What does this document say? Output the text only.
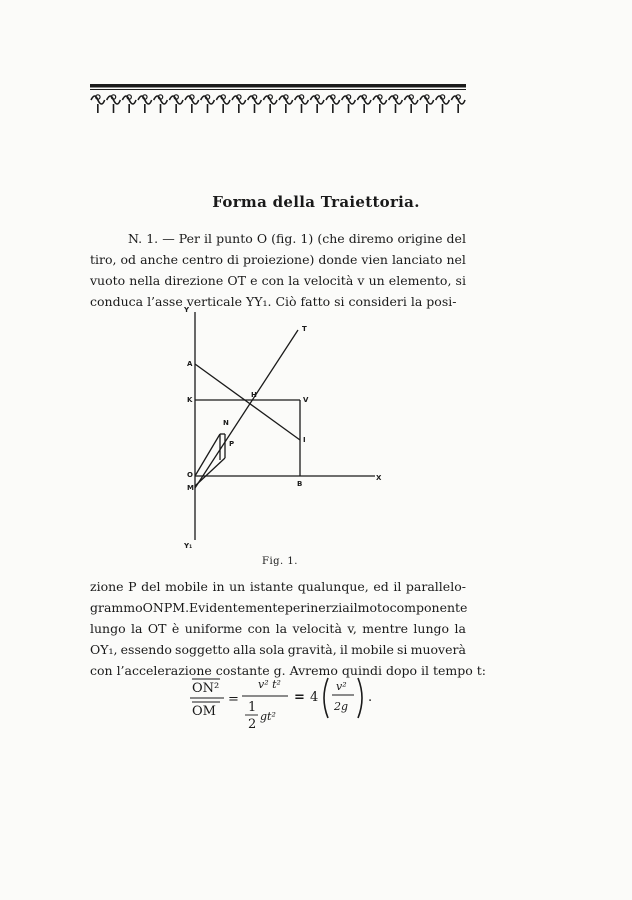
Forma della Traiettoria.
N. 1. — Per il punto O (fig. 1) (che diremo origine del
tiro, od anche centro di proiezione) donde vien lanciato nel
vuoto nella direzione OT e con la velocità v un elemento, si
conduca l’asse verticale YY₁. Ciò fatto si consideri la posi-
Y
T
A
K
H
V
N
P	I
O
M	B
X
Y₁
Fig. 1.
zione P del mobile in un istante qualunque, ed il parallelo-
grammo ONPM. Evidentemente per inerzia il moto componente
lungo la OT è uniforme con la velocità v, mentre lungo la
OY₁, essendo soggetto alla sola gravità, il mobile si muoverà
con l’accelerazione costante g. Avremo quindi dopo il tempo t:
ON²
OM
=
v² t²
1
2
gt²
= 4
v²
2g
.
